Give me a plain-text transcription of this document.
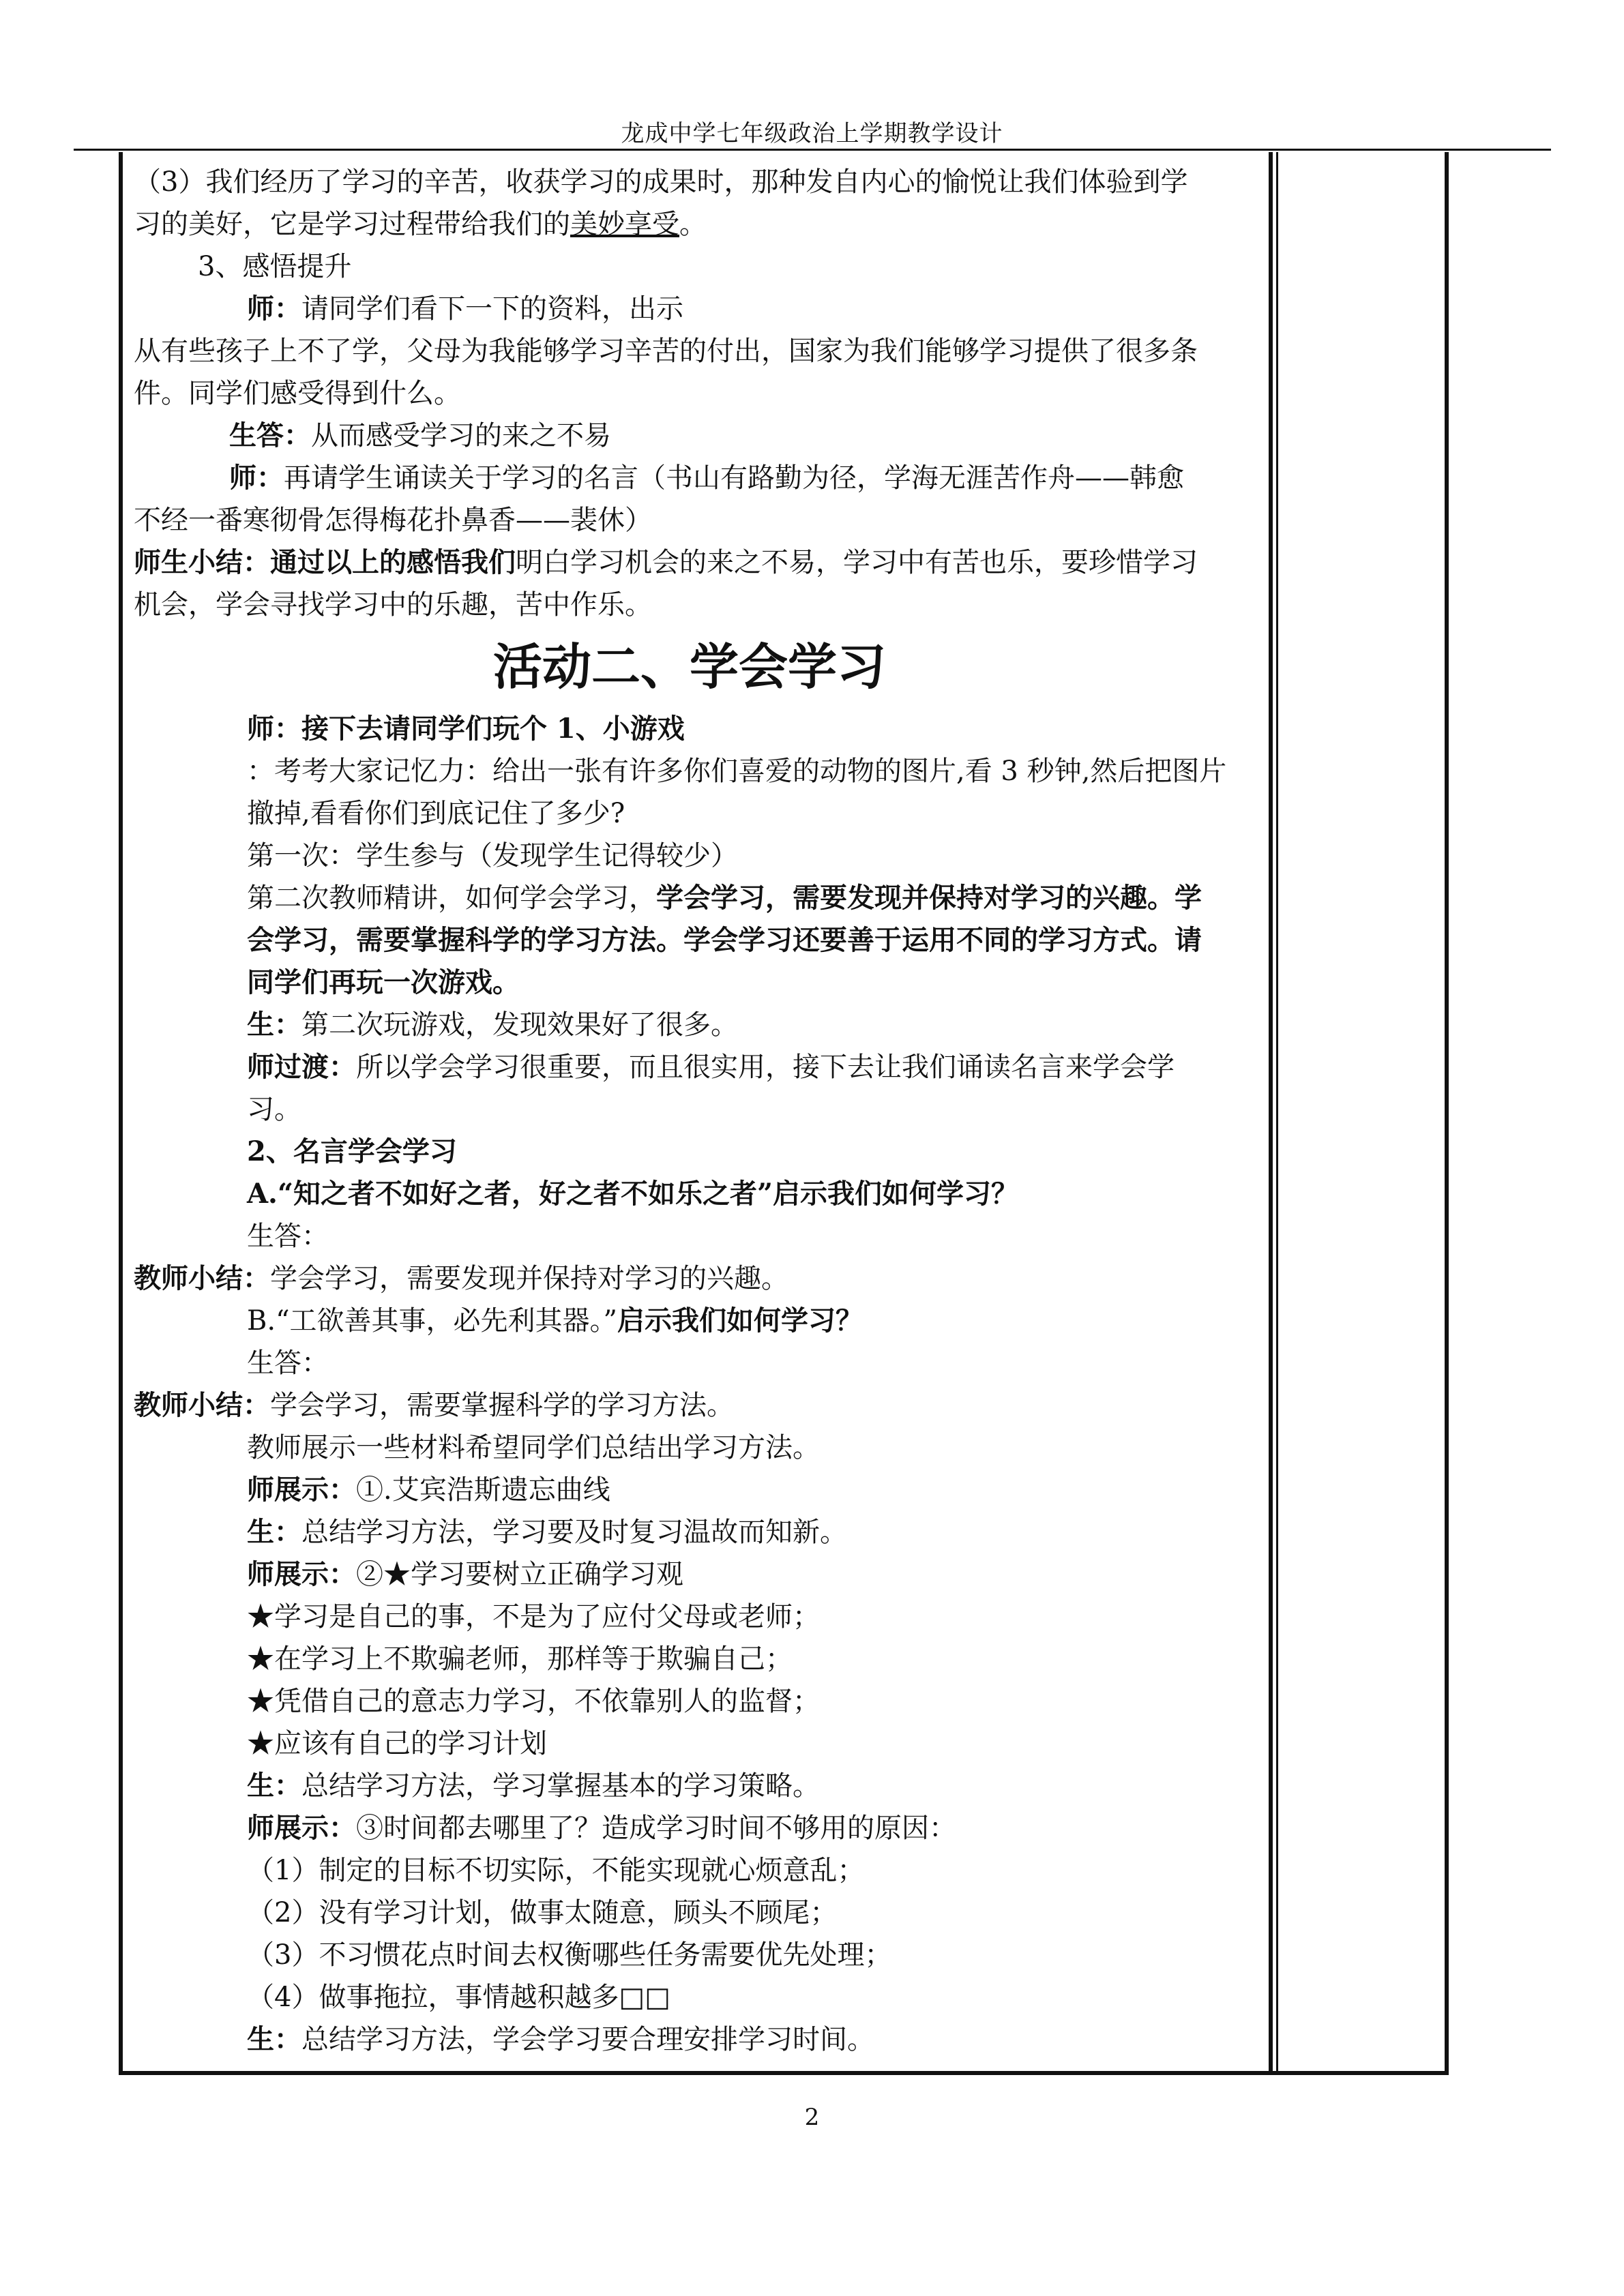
龙成中学七年级政治上学期教学设计
（3）我们经历了学习的辛苦，收获学习的成果时，那种发自内心的愉悦让我们体验到学
习的美好，它是学习过程带给我们的美妙享受。
3、感悟提升
师：请同学们看下一下的资料，出示
从有些孩子上不了学，父母为我能够学习辛苦的付出，国家为我们能够学习提供了很多条
件。同学们感受得到什么。
生答：从而感受学习的来之不易
师：再请学生诵读关于学习的名言（书山有路勤为径，学海无涯苦作舟——韩愈
不经一番寒彻骨怎得梅花扑鼻香——裴休）
师生小结：通过以上的感悟我们明白学习机会的来之不易，学习中有苦也乐，要珍惜学习
机会，学会寻找学习中的乐趣，苦中作乐。
活动二、学会学习
师：接下去请同学们玩个 1、小游戏
：考考大家记忆力：给出一张有许多你们喜爱的动物的图片,看 3 秒钟,然后把图片
撤掉,看看你们到底记住了多少?
第一次：学生参与（发现学生记得较少）
第二次教师精讲，如何学会学习，学会学习，需要发现并保持对学习的兴趣。学
会学习，需要掌握科学的学习方法。学会学习还要善于运用不同的学习方式。请
同学们再玩一次游戏。
生：第二次玩游戏，发现效果好了很多。
师过渡：所以学会学习很重要，而且很实用，接下去让我们诵读名言来学会学
习。
2、名言学会学习
A.“知之者不如好之者，好之者不如乐之者”启示我们如何学习？
生答：
教师小结：学会学习，需要发现并保持对学习的兴趣。
B.“工欲善其事，必先利其器。”启示我们如何学习？
生答：
教师小结：学会学习，需要掌握科学的学习方法。
教师展示一些材料希望同学们总结出学习方法。
师展示：①.艾宾浩斯遗忘曲线
生：总结学习方法，学习要及时复习温故而知新。
师展示：②★学习要树立正确学习观
★学习是自己的事，不是为了应付父母或老师；
★在学习上不欺骗老师，那样等于欺骗自己；
★凭借自己的意志力学习，不依靠别人的监督；
★应该有自己的学习计划
生：总结学习方法，学习掌握基本的学习策略。
师展示：③时间都去哪里了？造成学习时间不够用的原因：
（1）制定的目标不切实际，不能实现就心烦意乱；
（2）没有学习计划，做事太随意，顾头不顾尾；
（3）不习惯花点时间去权衡哪些任务需要优先处理；
（4）做事拖拉，事情越积越多□□
生：总结学习方法，学会学习要合理安排学习时间。
2
